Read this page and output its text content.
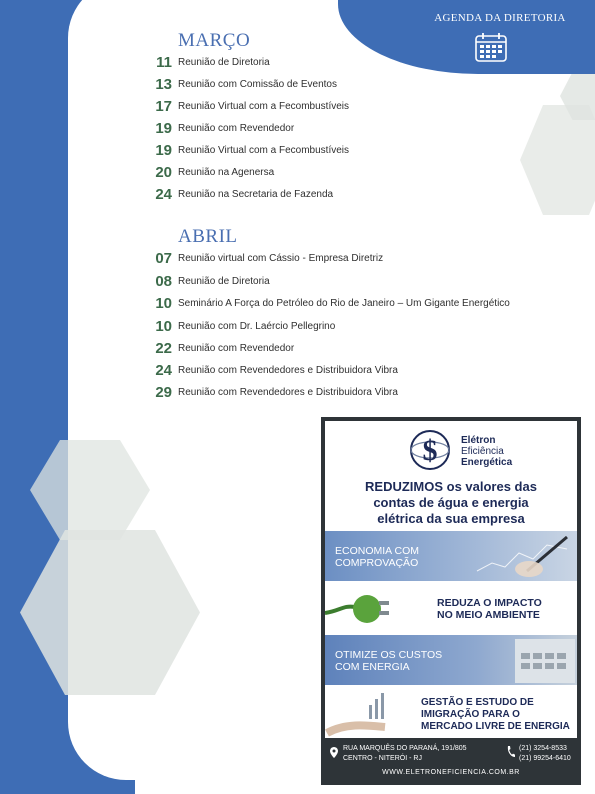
AGENDA DA DIRETORIA
MARÇO
11 Reunião de Diretoria
13 Reunião com Comissão de Eventos
17 Reunião Virtual com a Fecombustíveis
19 Reunião com Revendedor
19 Reunião Virtual com a Fecombustíveis
20 Reunião na Agenersa
24 Reunião na Secretaria de Fazenda
ABRIL
07 Reunião virtual com Cássio - Empresa Diretriz
08 Reunião de Diretoria
10 Seminário A Força do Petróleo do Rio de Janeiro – Um Gigante Energético
10 Reunião com Dr. Laércio Pellegrino
22 Reunião com Revendedor
24 Reunião com Revendedores e Distribuidora Vibra
29 Reunião com Revendedores e Distribuidora Vibra
$ Elétron
Eficiência
Energética
REDUZIMOS os valores das
contas de água e energia
elétrica da sua empresa
ECONOMIA COM
COMPROVAÇÃO
REDUZA O IMPACTO
NO MEIO AMBIENTE
OTIMIZE OS CUSTOS
COM ENERGIA
GESTÃO E ESTUDO DE
IMIGRAÇÃO PARA O
MERCADO LIVRE DE ENERGIA
RUA MARQUÊS DO PARANÁ, 191/805
CENTRO - NITERÓI - RJ
(21) 3254-8533
(21) 99254-6410
WWW.ELETRONEFICIENCIA.COM.BR
